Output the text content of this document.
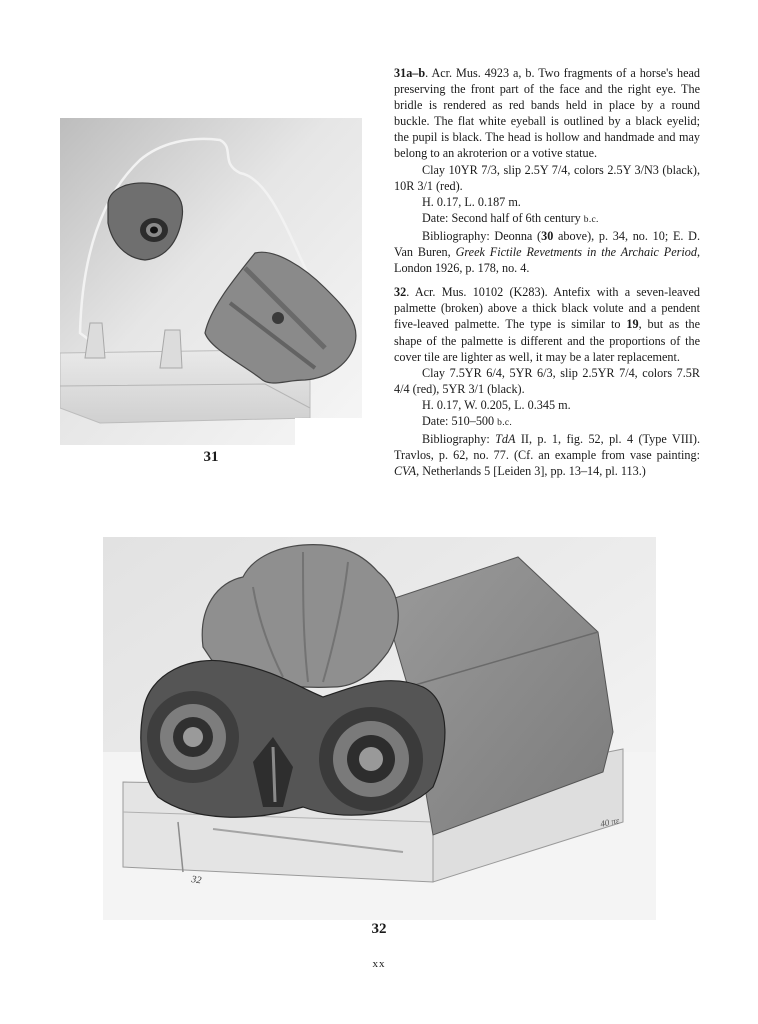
31

31a–b. Acr. Mus. 4923 a, b. Two fragments of a horse's head preserving the front part of the face and the right eye. The bridle is rendered as red bands held in place by a round buckle. The flat white eyeball is outlined by a black eyelid; the pupil is black. The head is hollow and handmade and may belong to an akroterion or a votive statue.

Clay 10YR 7/3, slip 2.5Y 7/4, colors 2.5Y 3/N3 (black), 10R 3/1 (red).

H. 0.17, L. 0.187 m.

Date: Second half of 6th century b.c.

Bibliography: Deonna (30 above), p. 34, no. 10; E. D. Van Buren, Greek Fictile Revetments in the Archaic Period, London 1926, p. 178, no. 4.

32. Acr. Mus. 10102 (K283). Antefix with a seven-leaved palmette (broken) above a thick black volute and a pendent five-leaved palmette. The type is similar to 19, but as the shape of the palmette is different and the proportions of the cover tile are lighter as well, it may be a later replacement.

Clay 7.5YR 6/4, 5YR 6/3, slip 2.5YR 7/4, colors 7.5R 4/4 (red), 5YR 3/1 (black).

H. 0.17, W. 0.205, L. 0.345 m.

Date: 510–500 b.c.

Bibliography: TdA II, p. 1, fig. 52, pl. 4 (Type VIII). Travlos, p. 62, no. 77. (Cf. an example from vase painting: CVA, Netherlands 5 [Leiden 3], pp. 13–14, pl. 113.)

32
40 πε
32
xx
